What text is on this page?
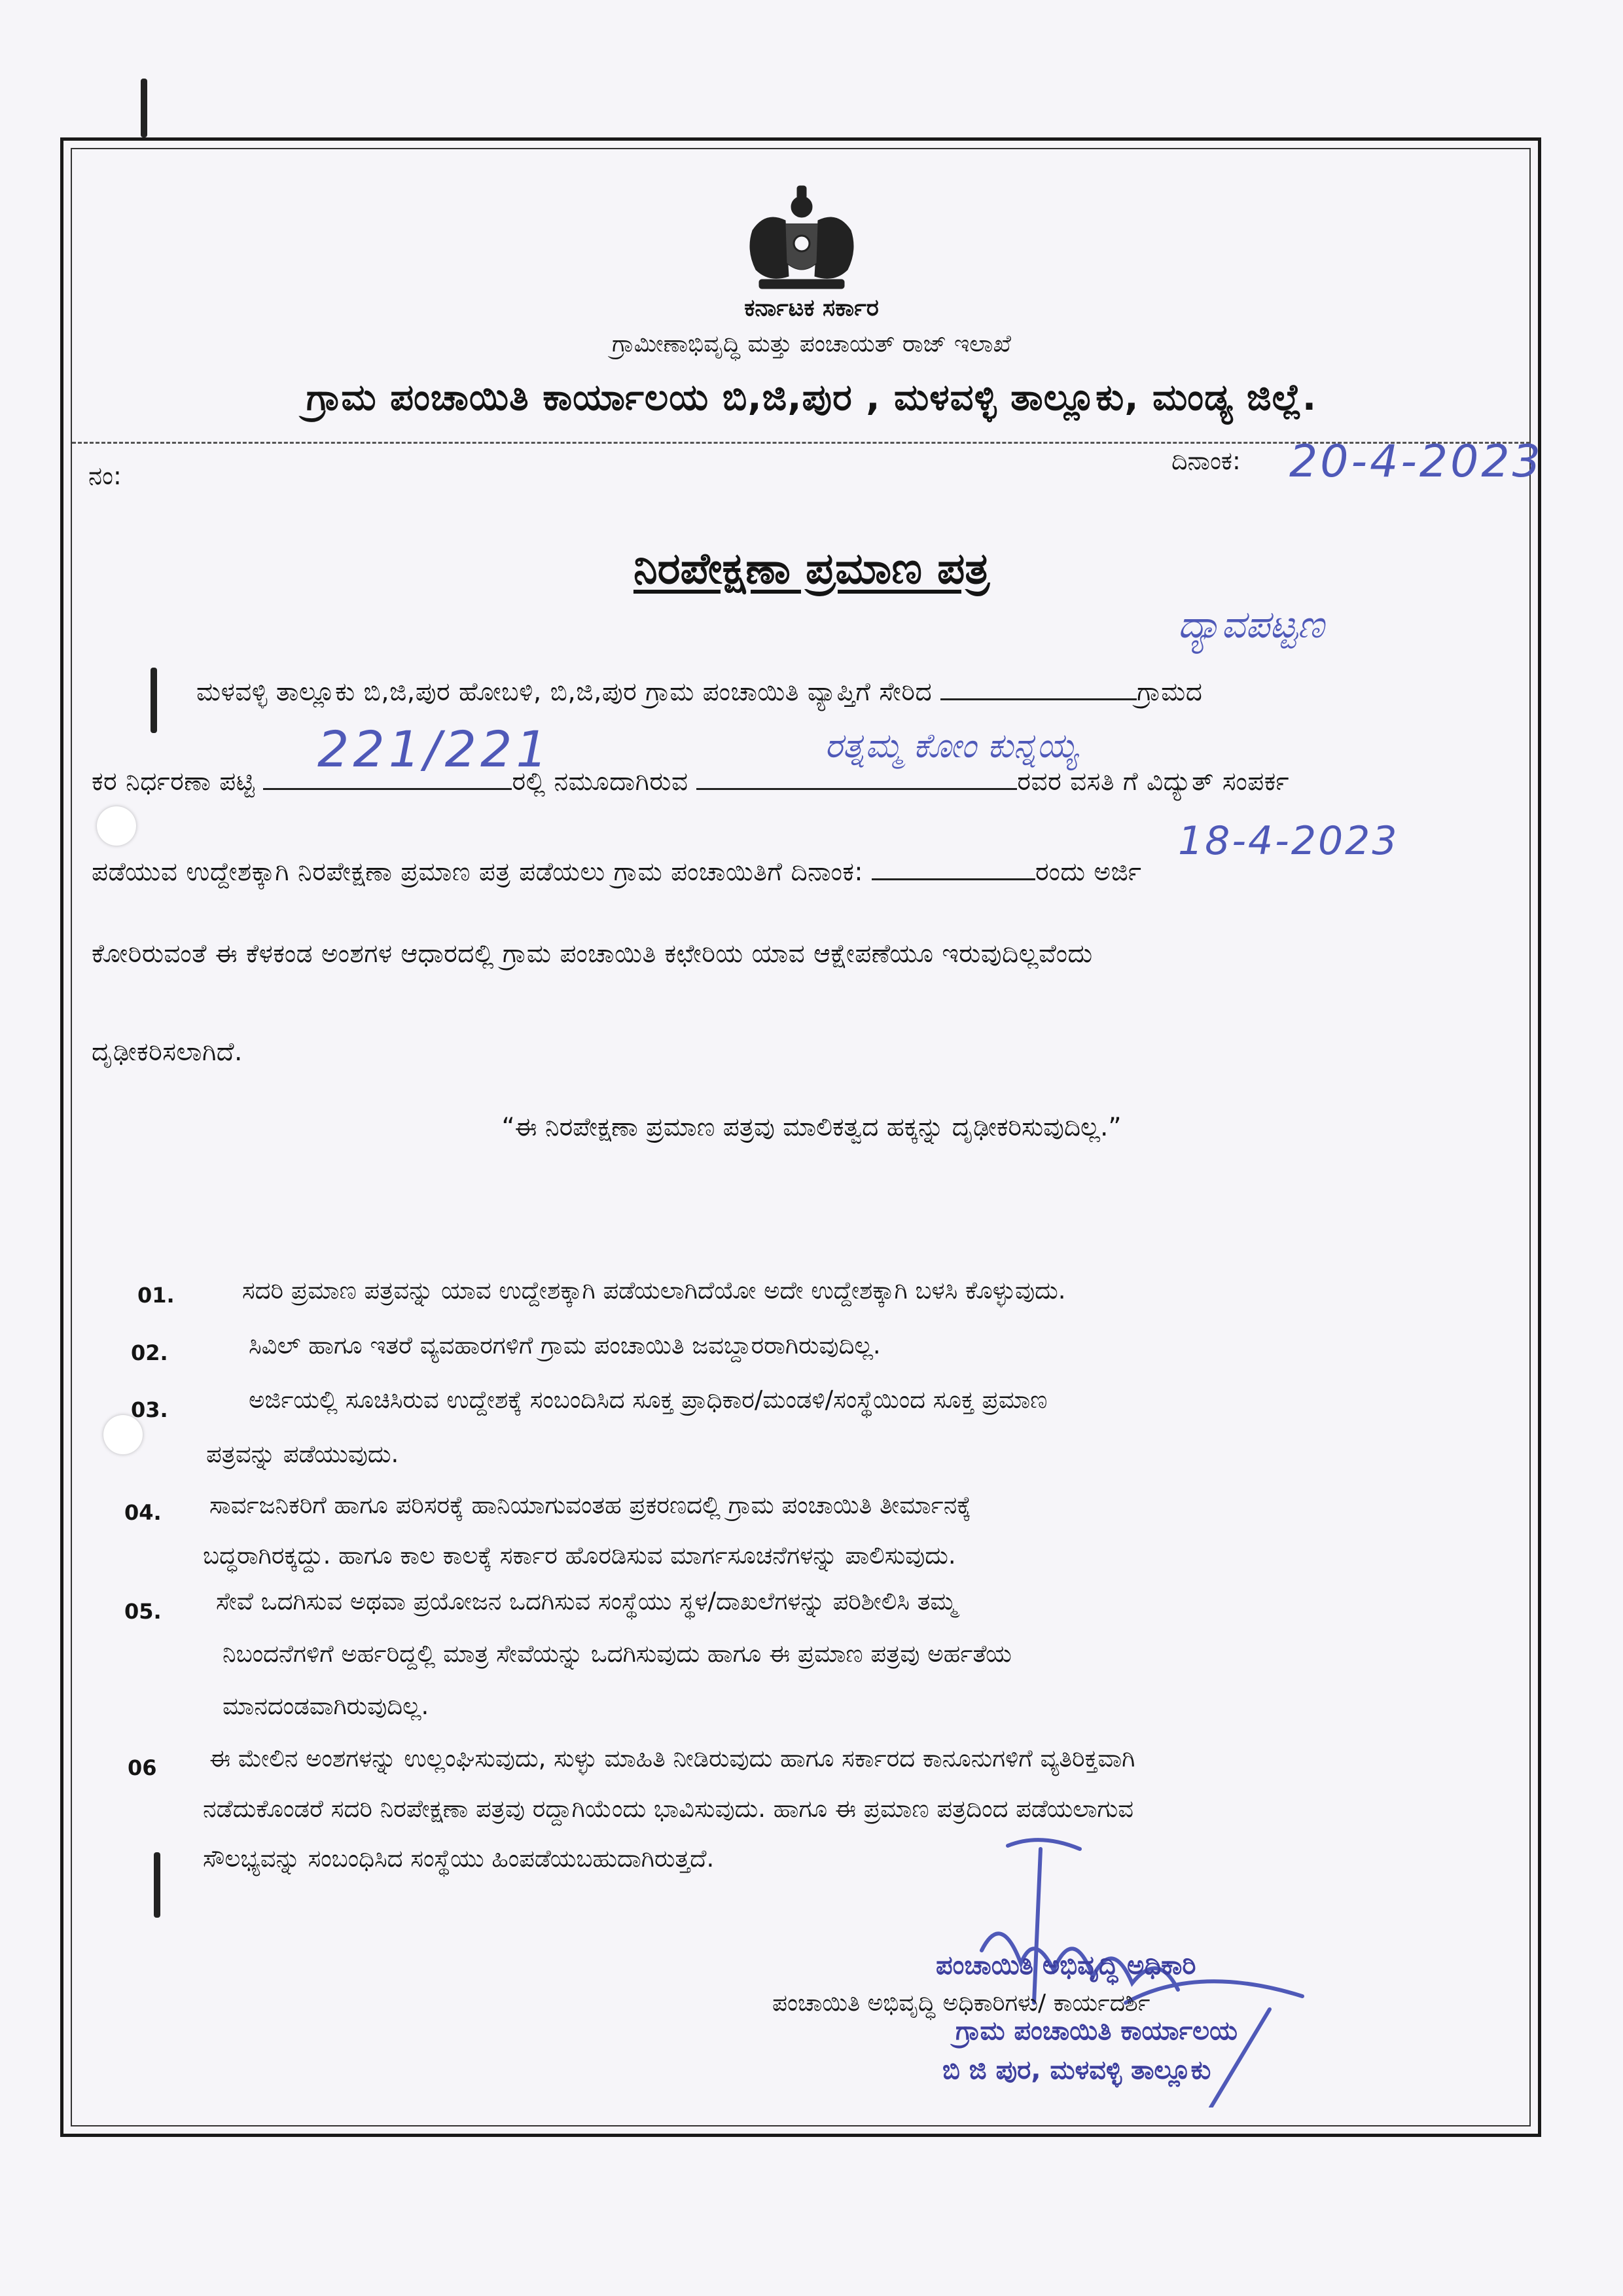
ಕರ್ನಾಟಕ ಸರ್ಕಾರ
ಗ್ರಾಮೀಣಾಭಿವೃದ್ಧಿ ಮತ್ತು ಪಂಚಾಯತ್ ರಾಜ್ ಇಲಾಖೆ
ಗ್ರಾಮ ಪಂಚಾಯಿತಿ ಕಾರ್ಯಾಲಯ ಬಿ,ಜಿ,ಪುರ , ಮಳವಳ್ಳಿ ತಾಲ್ಲೂಕು, ಮಂಡ್ಯ ಜಿಲ್ಲೆ.
ನಂ:
ದಿನಾಂಕ: 20-4-2023
ನಿರಪೇಕ್ಷಣಾ ಪ್ರಮಾಣ ಪತ್ರ
ದ್ಯಾವಪಟ್ಟಣ
ಮಳವಳ್ಳಿ ತಾಲ್ಲೂಕು ಬಿ,ಜಿ,ಪುರ ಹೋಬಳಿ, ಬಿ,ಜಿ,ಪುರ ಗ್ರಾಮ ಪಂಚಾಯಿತಿ ವ್ಯಾಪ್ತಿಗೆ ಸೇರಿದ	ಗ್ರಾಮದ
221/221	ರತ್ನಮ್ಮ ಕೋಂ ಕುನ್ನಯ್ಯ
ಕರ ನಿರ್ಧರಣಾ ಪಟ್ಟಿ	ರಲ್ಲಿ ನಮೂದಾಗಿರುವ	ರವರ ವಸತಿ ಗೆ ವಿದ್ಯುತ್ ಸಂಪರ್ಕ
18-4-2023
ಪಡೆಯುವ ಉದ್ದೇಶಕ್ಕಾಗಿ ನಿರಪೇಕ್ಷಣಾ ಪ್ರಮಾಣ ಪತ್ರ ಪಡೆಯಲು ಗ್ರಾಮ ಪಂಚಾಯಿತಿಗೆ ದಿನಾಂಕ:	ರಂದು ಅರ್ಜಿ
ಕೋರಿರುವಂತೆ ಈ ಕೆಳಕಂಡ ಅಂಶಗಳ ಆಧಾರದಲ್ಲಿ ಗ್ರಾಮ ಪಂಚಾಯಿತಿ ಕಛೇರಿಯ ಯಾವ ಆಕ್ಷೇಪಣೆಯೂ ಇರುವುದಿಲ್ಲವೆಂದು
ದೃಢೀಕರಿಸಲಾಗಿದೆ.
“ಈ ನಿರಪೇಕ್ಷಣಾ ಪ್ರಮಾಣ ಪತ್ರವು ಮಾಲಿಕತ್ವದ ಹಕ್ಕನ್ನು ದೃಢೀಕರಿಸುವುದಿಲ್ಲ.”
01.	ಸದರಿ ಪ್ರಮಾಣ ಪತ್ರವನ್ನು ಯಾವ ಉದ್ದೇಶಕ್ಕಾಗಿ ಪಡೆಯಲಾಗಿದೆಯೋ ಅದೇ ಉದ್ದೇಶಕ್ಕಾಗಿ ಬಳಸಿ ಕೊಳ್ಳುವುದು.
02.	ಸಿವಿಲ್ ಹಾಗೂ ಇತರೆ ವ್ಯವಹಾರಗಳಿಗೆ ಗ್ರಾಮ ಪಂಚಾಯಿತಿ ಜವಬ್ದಾರರಾಗಿರುವುದಿಲ್ಲ.
03.	ಅರ್ಜಿಯಲ್ಲಿ ಸೂಚಿಸಿರುವ ಉದ್ದೇಶಕ್ಕೆ ಸಂಬಂದಿಸಿದ ಸೂಕ್ತ ಪ್ರಾಧಿಕಾರ/ಮಂಡಳಿ/ಸಂಸ್ಥೆಯಿಂದ ಸೂಕ್ತ ಪ್ರಮಾಣ
ಪತ್ರವನ್ನು ಪಡೆಯುವುದು.
04. ಸಾರ್ವಜನಿಕರಿಗೆ ಹಾಗೂ ಪರಿಸರಕ್ಕೆ ಹಾನಿಯಾಗುವಂತಹ ಪ್ರಕರಣದಲ್ಲಿ ಗ್ರಾಮ ಪಂಚಾಯಿತಿ ತೀರ್ಮಾನಕ್ಕೆ
ಬದ್ಧರಾಗಿರಕ್ಕದ್ದು. ಹಾಗೂ ಕಾಲ ಕಾಲಕ್ಕೆ ಸರ್ಕಾರ ಹೊರಡಿಸುವ ಮಾರ್ಗಸೂಚನೆಗಳನ್ನು ಪಾಲಿಸುವುದು.
05. ಸೇವೆ ಒದಗಿಸುವ ಅಥವಾ ಪ್ರಯೋಜನ ಒದಗಿಸುವ ಸಂಸ್ಥೆಯು ಸ್ಥಳ/ದಾಖಲೆಗಳನ್ನು ಪರಿಶೀಲಿಸಿ ತಮ್ಮ
ನಿಬಂದನೆಗಳಿಗೆ ಅರ್ಹರಿದ್ದಲ್ಲಿ ಮಾತ್ರ ಸೇವೆಯನ್ನು ಒದಗಿಸುವುದು ಹಾಗೂ ಈ ಪ್ರಮಾಣ ಪತ್ರವು ಅರ್ಹತೆಯ
ಮಾನದಂಡವಾಗಿರುವುದಿಲ್ಲ.
06 ಈ ಮೇಲಿನ ಅಂಶಗಳನ್ನು ಉಲ್ಲಂಘಿಸುವುದು, ಸುಳ್ಳು ಮಾಹಿತಿ ನೀಡಿರುವುದು ಹಾಗೂ ಸರ್ಕಾರದ ಕಾನೂನುಗಳಿಗೆ ವ್ಯತಿರಿಕ್ತವಾಗಿ
ನಡೆದುಕೊಂಡರೆ ಸದರಿ ನಿರಪೇಕ್ಷಣಾ ಪತ್ರವು ರದ್ದಾಗಿಯೆಂದು ಭಾವಿಸುವುದು. ಹಾಗೂ ಈ ಪ್ರಮಾಣ ಪತ್ರದಿಂದ ಪಡೆಯಲಾಗುವ
ಸೌಲಭ್ಯವನ್ನು ಸಂಬಂಧಿಸಿದ ಸಂಸ್ಥೆಯು ಹಿಂಪಡೆಯಬಹುದಾಗಿರುತ್ತದೆ.
ಪಂಚಾಯಿತಿ ಅಭಿವೃದ್ಧಿ ಅಧಿಕಾರಿ
ಪಂಚಾಯಿತಿ ಅಭಿವೃದ್ಧಿ ಅಧಿಕಾರಿಗಳು/ ಕಾರ್ಯದರ್ಶಿ
ಗ್ರಾಮ ಪಂಚಾಯಿತಿ ಕಾರ್ಯಾಲಯ
ಬಿ ಜಿ ಪುರ, ಮಳವಳ್ಳಿ ತಾಲ್ಲೂಕು
